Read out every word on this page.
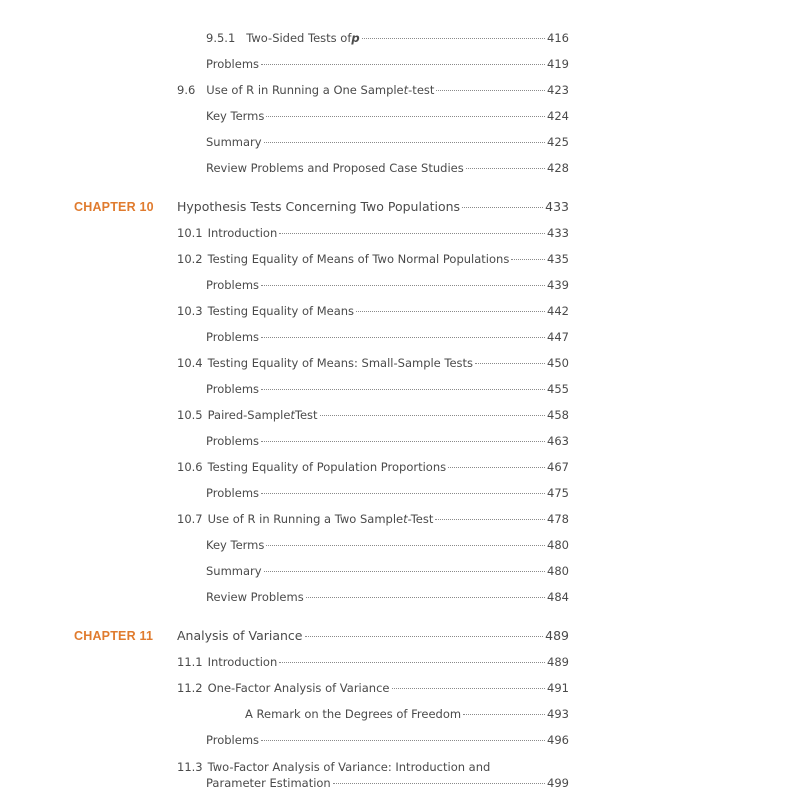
9.5.1 Two-Sided Tests of p	416
Problems	419
9.6 Use of R in Running a One Sample t -test	423
Key Terms	424
Summary	425
Review Problems and Proposed Case Studies	428
CHAPTER 10 Hypothesis Tests Concerning Two Populations	433
10.1 Introduction	433
10.2 Testing Equality of Means of Two Normal Populations	435
Problems	439
10.3 Testing Equality of Means	442
Problems	447
10.4 Testing Equality of Means: Small-Sample Tests	450
Problems	455
10.5 Paired-Sample t Test	458
Problems	463
10.6 Testing Equality of Population Proportions	467
Problems	475
10.7 Use of R in Running a Two Sample t -Test	478
Key Terms	480
Summary	480
Review Problems	484
CHAPTER 11 Analysis of Variance	489
11.1 Introduction	489
11.2 One-Factor Analysis of Variance	491
A Remark on the Degrees of Freedom	493
Problems	496
11.3 Two-Factor Analysis of Variance: Introduction and
Parameter Estimation	499
